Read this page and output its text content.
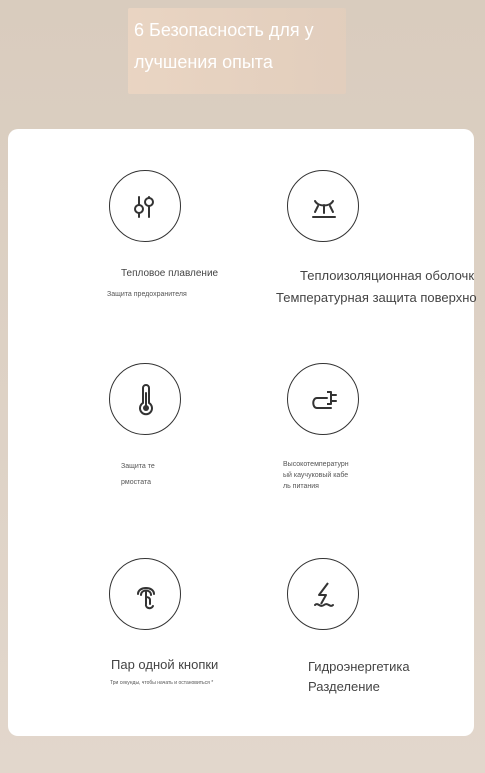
6 Безопасность для у
лучшения опыта
Тепловое плавление
Защита предохранителя
Теплоизоляционная оболочк
Температурная защита поверхно
Защита те
рмостата
Высокотемпературн
ый каучуковый кабе
ль питания
Пар одной кнопки
Три секунды, чтобы начать и остановиться *
Гидроэнергетика
Разделение
